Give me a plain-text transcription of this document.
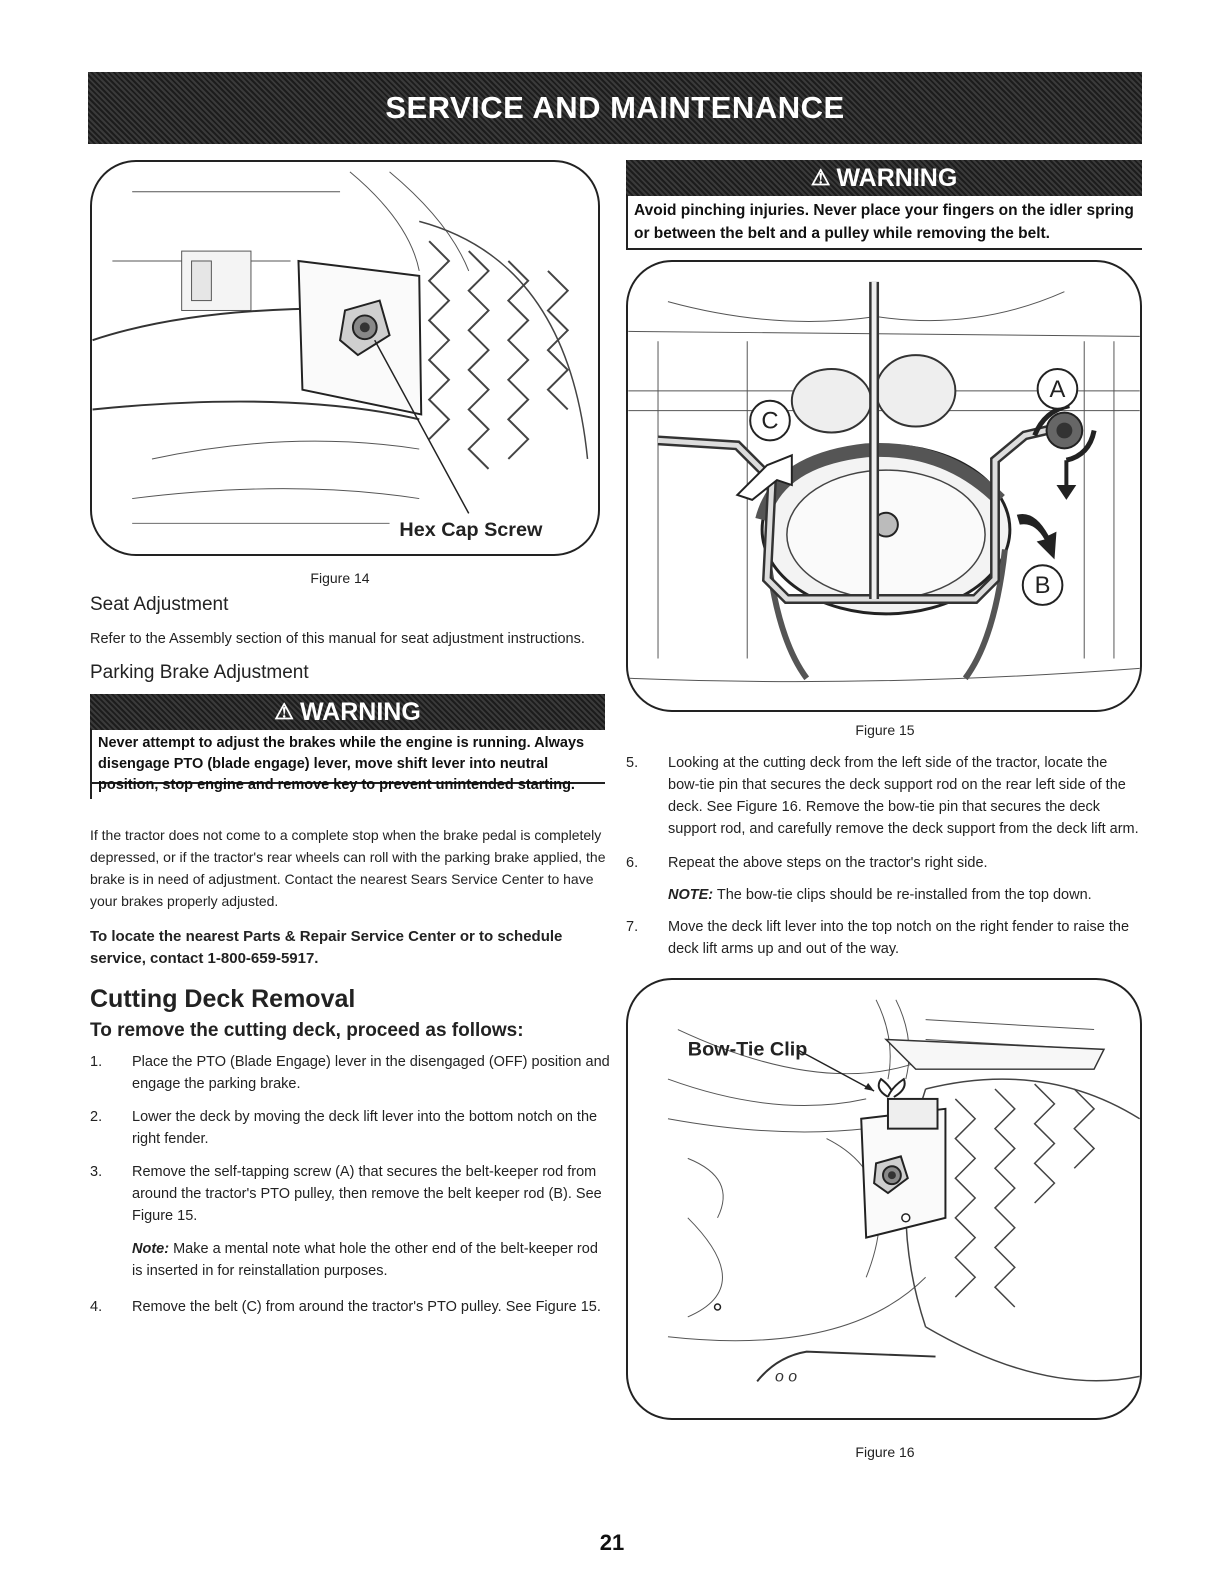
SERVICE AND MAINTENANCE
Hex Cap Screw
Figure 14
Seat Adjustment
Refer to the Assembly section of this manual for seat adjustment instructions.
Parking Brake Adjustment
⚠ WARNING
Never attempt to adjust the brakes while the engine is running. Always disengage PTO (blade engage) lever, move shift lever into neutral position, stop engine and remove key to prevent unintended starting.
If the tractor does not come to a complete stop when the brake pedal is completely depressed, or if the tractor's rear wheels can roll with the parking brake applied, the brake is in need of adjustment. Contact the nearest Sears Service Center to have your brakes properly adjusted.
To locate the nearest Parts & Repair Service Center or to schedule service, contact 1-800-659-5917.
Cutting Deck Removal
To remove the cutting deck, proceed as follows:
1. Place the PTO (Blade Engage) lever in the disengaged (OFF) position and engage the parking brake.
2. Lower the deck by moving the deck lift lever into the bottom notch on the right fender.
3. Remove the self-tapping screw (A) that secures the belt-keeper rod from around the tractor's PTO pulley, then remove the belt keeper rod (B). See Figure 15.
Note: Make a mental note what hole the other end of the belt-keeper rod is inserted in for reinstallation purposes.
4. Remove the belt (C) from around the tractor's PTO pulley. See Figure 15.
⚠ WARNING
Avoid pinching injuries. Never place your fingers on the idler spring or between the belt and a pulley while removing the belt.
A
B
C
Figure 15
5. Looking at the cutting deck from the left side of the tractor, locate the bow-tie pin that secures the deck support rod on the rear left side of the deck. See Figure 16. Remove the bow-tie pin that secures the deck support rod, and carefully remove the deck support from the deck lift arm.
6. Repeat the above steps on the tractor's right side.
NOTE: The bow-tie clips should be re-installed from the top down.
7. Move the deck lift lever into the top notch on the right fender to raise the deck lift arms up and out of the way.
o o
Bow-Tie Clip
Figure 16
21
